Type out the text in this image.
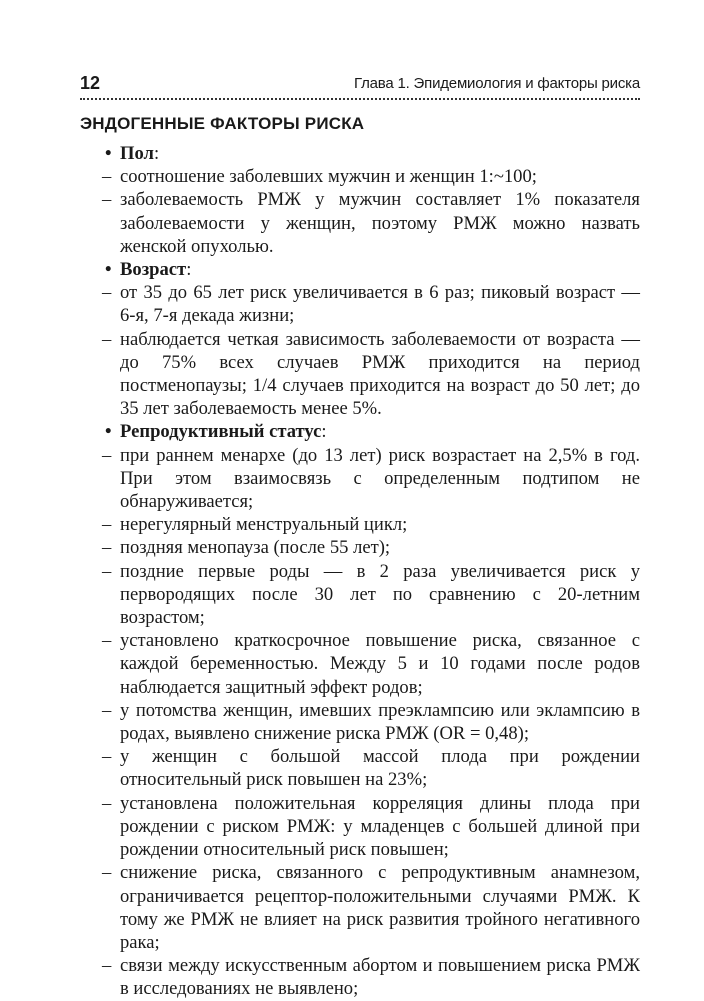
12	Глава 1. Эпидемиология и факторы риска
ЭНДОГЕННЫЕ ФАКТОРЫ РИСКА
• Пол:
– соотношение заболевших мужчин и женщин 1:~100;
– заболеваемость РМЖ у мужчин составляет 1% показателя заболеваемости у женщин, поэтому РМЖ можно назвать женской опухолью.
• Возраст:
– от 35 до 65 лет риск увеличивается в 6 раз; пиковый возраст — 6-я, 7-я декада жизни;
– наблюдается четкая зависимость заболеваемости от возраста — до 75% всех случаев РМЖ приходится на период постменопаузы; 1/4 случаев приходится на возраст до 50 лет; до 35 лет заболеваемость менее 5%.
• Репродуктивный статус:
– при раннем менархе (до 13 лет) риск возрастает на 2,5% в год. При этом взаимосвязь с определенным подтипом не обнаруживается;
– нерегулярный менструальный цикл;
– поздняя менопауза (после 55 лет);
– поздние первые роды — в 2 раза увеличивается риск у первородящих после 30 лет по сравнению с 20-летним возрастом;
– установлено краткосрочное повышение риска, связанное с каждой беременностью. Между 5 и 10 годами после родов наблюдается защитный эффект родов;
– у потомства женщин, имевших преэклампсию или эклампсию в родах, выявлено снижение риска РМЖ (OR = 0,48);
– у женщин с большой массой плода при рождении относительный риск повышен на 23%;
– установлена положительная корреляция длины плода при рождении с риском РМЖ: у младенцев с большей длиной при рождении относительный риск повышен;
– снижение риска, связанного с репродуктивным анамнезом, ограничивается рецептор-положительными случаями РМЖ. К тому же РМЖ не влияет на риск развития тройного негативного рака;
– связи между искусственным абортом и повышением риска РМЖ в исследованиях не выявлено;
